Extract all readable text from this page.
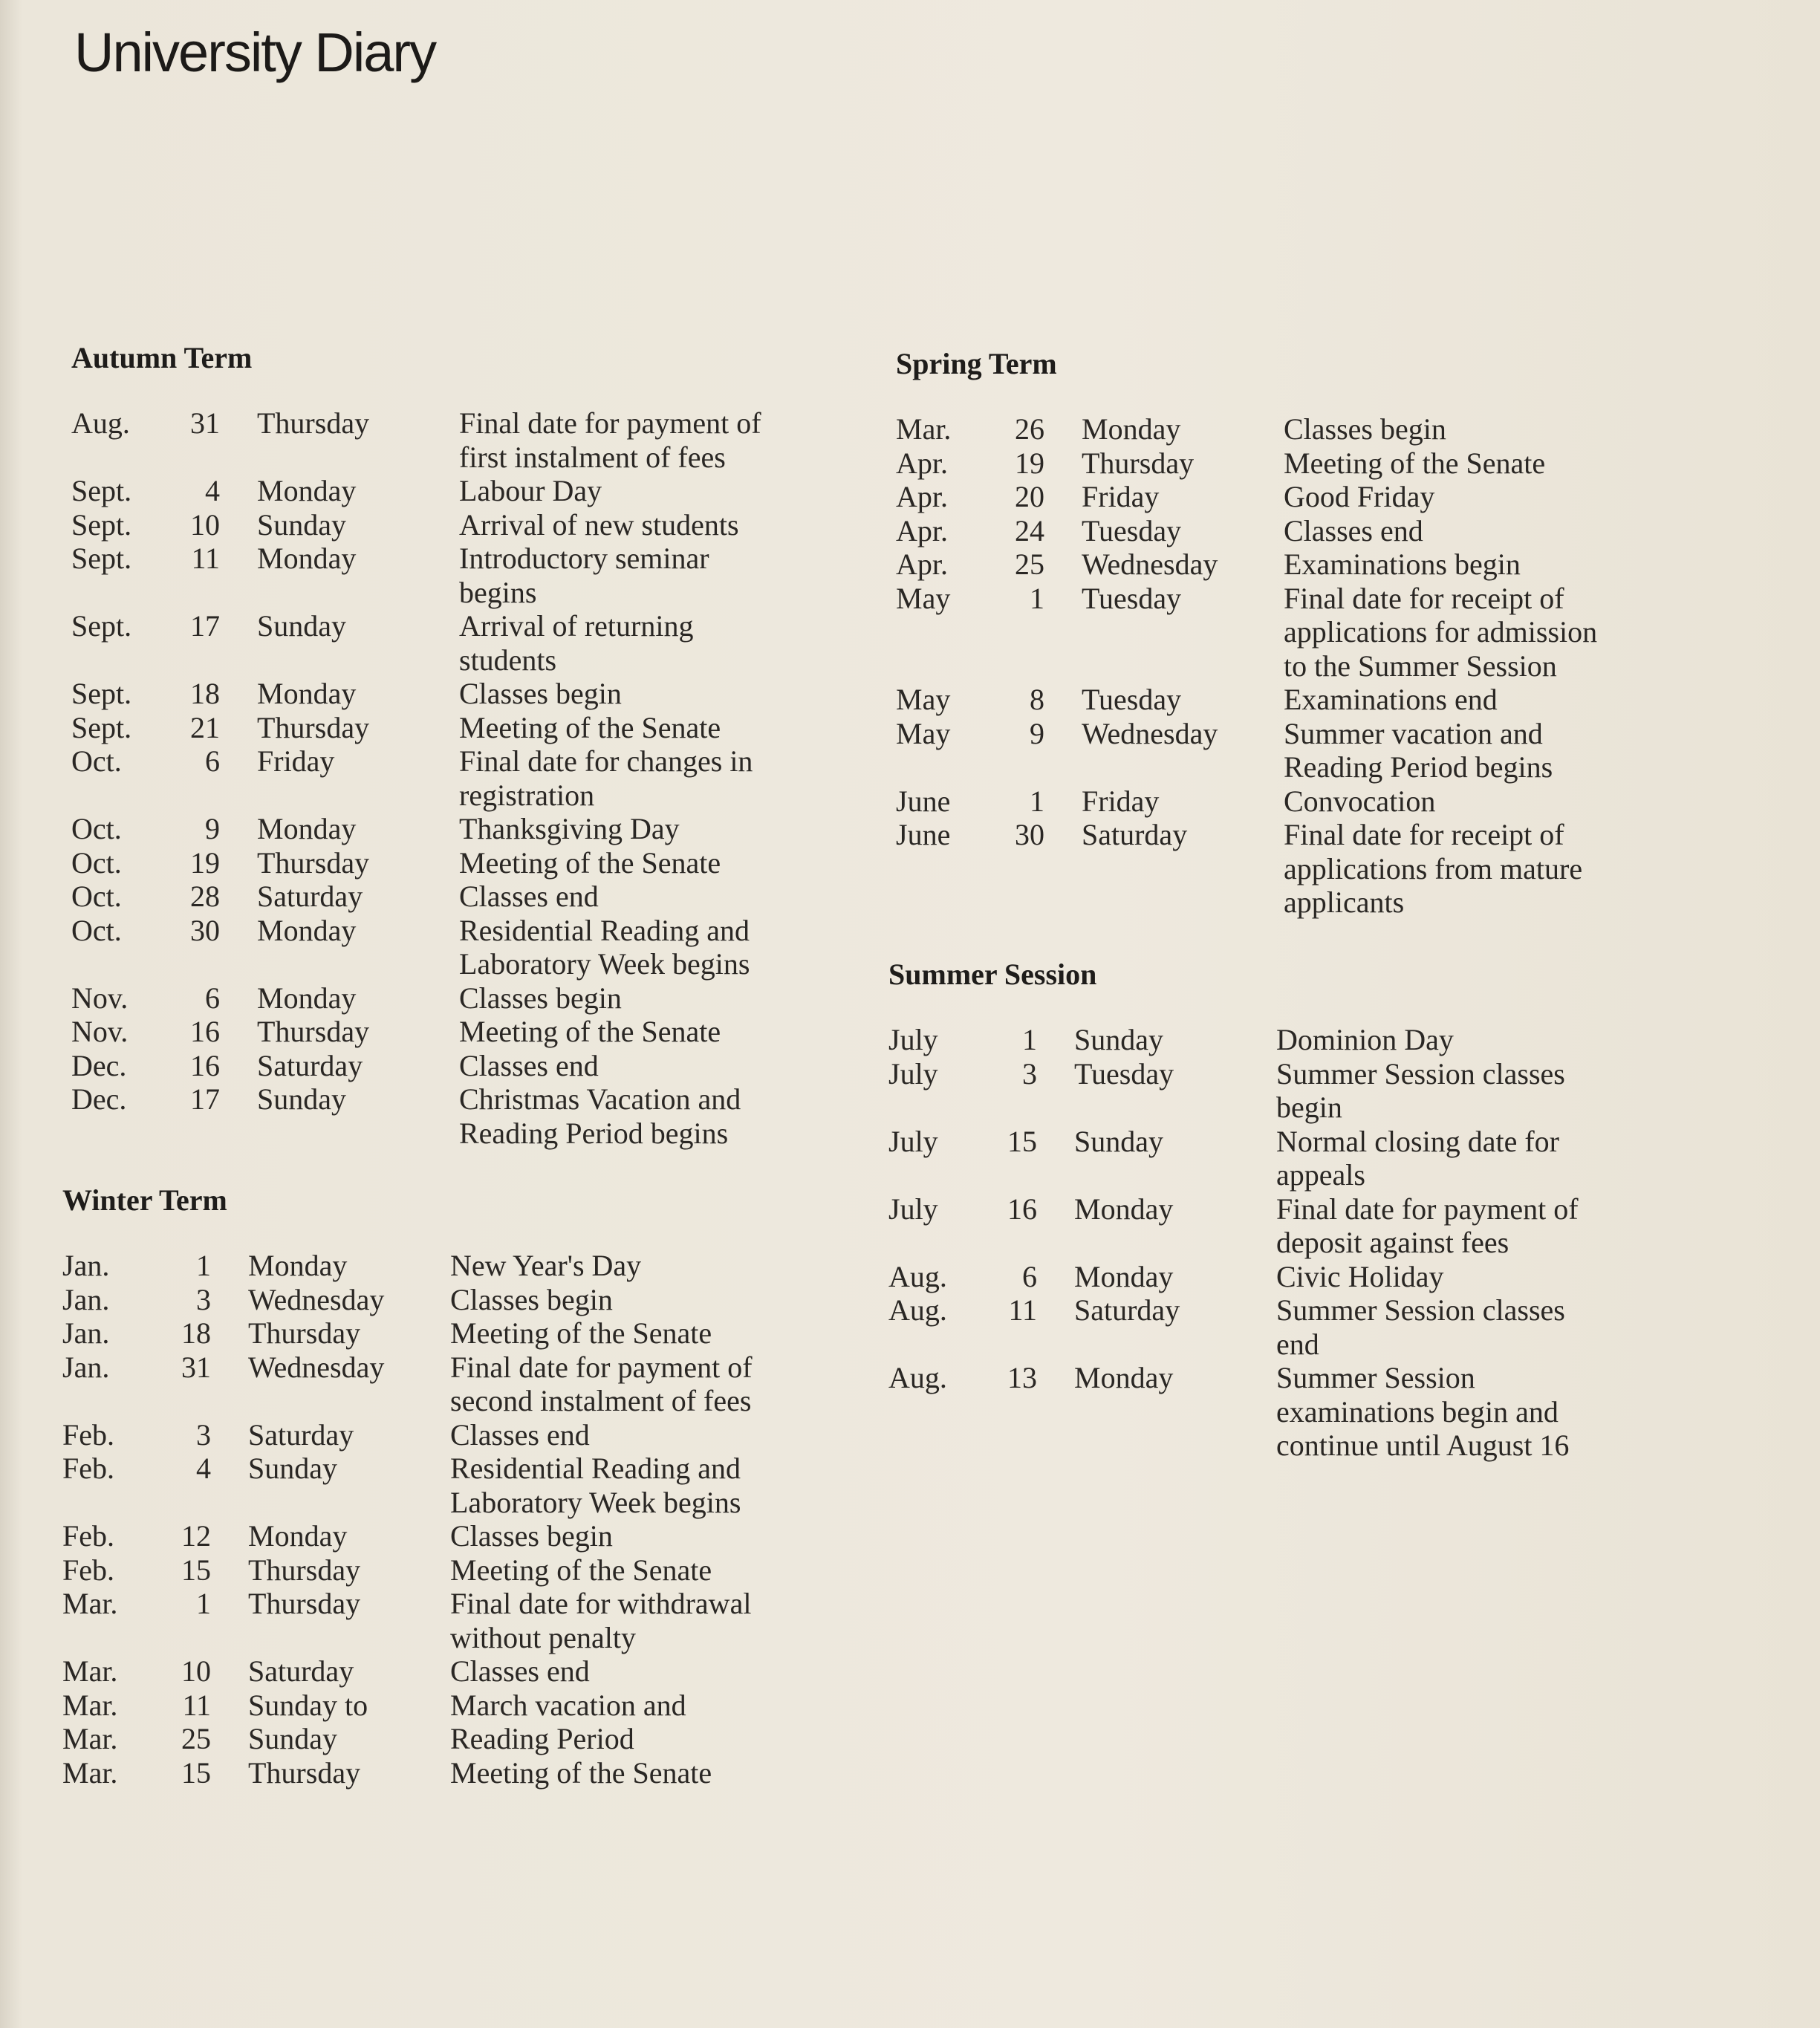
University Diary
Autumn Term
Aug.	31	Thursday	Final date for payment of
first instalment of fees
Sept.	4	Monday	Labour Day
Sept.	10	Sunday	Arrival of new students
Sept.	11	Monday	Introductory seminar
begins
Sept.	17	Sunday	Arrival of returning
students
Sept.	18	Monday	Classes begin
Sept.	21	Thursday	Meeting of the Senate
Oct.	6	Friday	Final date for changes in
registration
Oct.	9	Monday	Thanksgiving Day
Oct.	19	Thursday	Meeting of the Senate
Oct.	28	Saturday	Classes end
Oct.	30	Monday	Residential Reading and
Laboratory Week begins
Nov.	6	Monday	Classes begin
Nov.	16	Thursday	Meeting of the Senate
Dec.	16	Saturday	Classes end
Dec.	17	Sunday	Christmas Vacation and
Reading Period begins
Winter Term
Jan.	1	Monday	New Year's Day
Jan.	3	Wednesday	Classes begin
Jan.	18	Thursday	Meeting of the Senate
Jan.	31	Wednesday	Final date for payment of
second instalment of fees
Feb.	3	Saturday	Classes end
Feb.	4	Sunday	Residential Reading and
Laboratory Week begins
Feb.	12	Monday	Classes begin
Feb.	15	Thursday	Meeting of the Senate
Mar.	1	Thursday	Final date for withdrawal
without penalty
Mar.	10	Saturday	Classes end
Mar.	11	Sunday to	March vacation and
Mar.	25	Sunday	Reading Period
Mar.	15	Thursday	Meeting of the Senate
Spring Term
Mar.	26	Monday	Classes begin
Apr.	19	Thursday	Meeting of the Senate
Apr.	20	Friday	Good Friday
Apr.	24	Tuesday	Classes end
Apr.	25	Wednesday	Examinations begin
May	1	Tuesday	Final date for receipt of
applications for admission
to the Summer Session
May	8	Tuesday	Examinations end
May	9	Wednesday	Summer vacation and
Reading Period begins
June	1	Friday	Convocation
June	30	Saturday	Final date for receipt of
applications from mature
applicants
Summer Session
July	1	Sunday	Dominion Day
July	3	Tuesday	Summer Session classes
begin
July	15	Sunday	Normal closing date for
appeals
July	16	Monday	Final date for payment of
deposit against fees
Aug.	6	Monday	Civic Holiday
Aug.	11	Saturday	Summer Session classes
end
Aug.	13	Monday	Summer Session
examinations begin and
continue until August 16
